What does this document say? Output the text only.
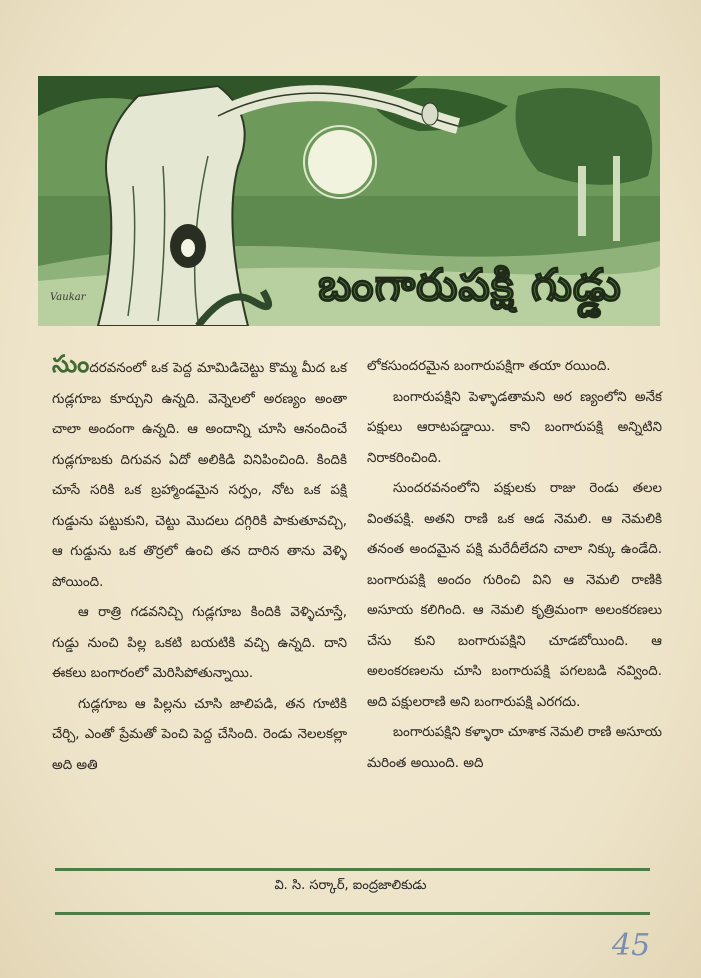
Vaukar	బంగారుపక్షి గుడ్డు

సుందరవనంలో ఒక పెద్ద మామిడిచెట్టు కొమ్మ మీద ఒక గుడ్లగూబ కూర్చుని ఉన్నది. వెన్నెలలో అరణ్యం అంతా చాలా అందంగా ఉన్నది. ఆ అందాన్ని చూసి ఆనందించే గుడ్లగూబకు దిగువన ఏదో అలికిడి వినిపించింది. కిందికి చూసే సరికి ఒక బ్రహ్మాండమైన సర్పం, నోట ఒక పక్షి గుడ్డును పట్టుకుని, చెట్టు మొదలు దగ్గిరికి పాకుతూవచ్చి, ఆ గుడ్డును ఒక తొర్రలో ఉంచి తన దారిన తాను వెళ్ళి పోయింది.

ఆ రాత్రి గడవనిచ్చి గుడ్లగూబ కిందికి వెళ్ళిచూస్తే, గుడ్డు నుంచి పిల్ల ఒకటి బయటికి వచ్చి ఉన్నది. దాని ఈకలు బంగారంలో మెరిసిపోతున్నాయి.

గుడ్లగూబ ఆ పిల్లను చూసి జాలిపడి, తన గూటికి చేర్చి, ఎంతో ప్రేమతో పెంచి పెద్ద చేసింది. రెండు నెలలకల్లా అది అతి

లోకసుందరమైన బంగారుపక్షిగా తయా రయింది.

బంగారుపక్షిని పెళ్ళాడతామని అర ణ్యంలోని అనేక పక్షులు ఆరాటపడ్డాయి. కాని బంగారుపక్షి అన్నిటిని నిరాకరించింది.

సుందరవనంలోని పక్షులకు రాజు రెండు తలల వింతపక్షి. అతని రాణి ఒక ఆడ నెమలి. ఆ నెమలికి తనంత అందమైన పక్షి మరేదీలేదని చాలా నిక్కు ఉండేది. బంగారుపక్షి అందం గురించి విని ఆ నెమలి రాణికి అసూయ కలిగింది. ఆ నెమలి కృత్రిమంగా అలంకరణలు చేసు కుని బంగారుపక్షిని చూడబోయింది. ఆ అలంకరణలను చూసి బంగారుపక్షి పగలబడి నవ్వింది. అది పక్షులరాణి అని బంగారుపక్షి ఎరగదు.

బంగారుపక్షిని కళ్ళారా చూశాక నెమలి రాణి అసూయ మరింత అయింది. అది

వి. సి. సర్కార్, ఐంద్రజాలికుడు
45
